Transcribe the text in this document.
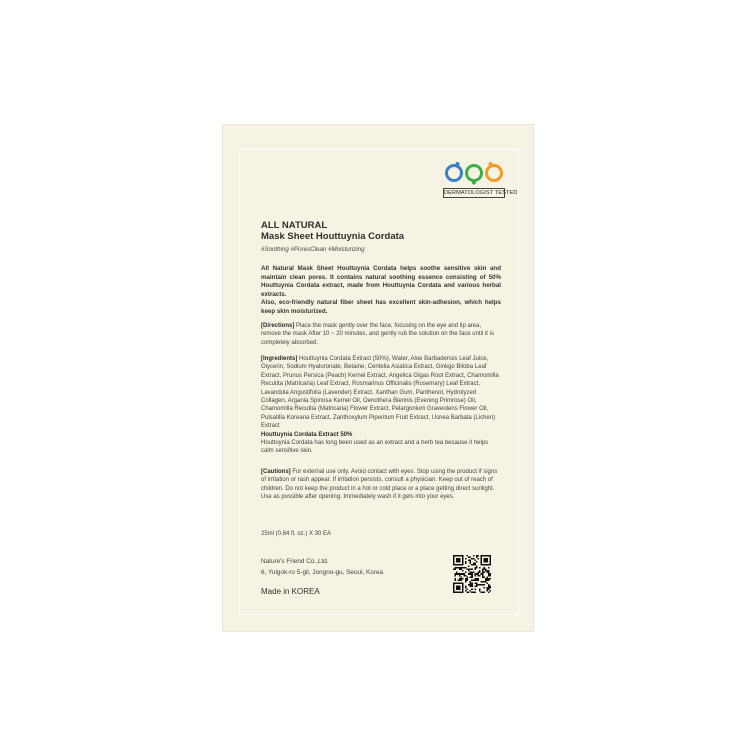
DERMATOLOGIST TESTED
ALL NATURAL
Mask Sheet Houttuynia Cordata
#Soothing #PoresClean #Moisturizing
All Natural Mask Sheet Houttuynia Cordata helps soothe sensitive skin and maintain clean pores. It contains natural soothing essence consisting of 50% Houttuynia Cordata extract, made from Houttuynia Cordata and various herbal extracts.
Also, eco-friendly natural fiber sheet has excellent skin-adhesion, which helps keep skin moisturized.
[Directions] Place the mask gently over the face, focusing on the eye and lip area, remove the mask After 10 ~ 20 minutes, and gently rub the solution on the face until it is completely absorbed.
[Ingredients] Houttuynia Cordata Extract (50%), Water, Aloe Barbadensis Leaf Juice, Glycerin, Sodium Hyaluronate, Betaine, Centella Asiatica Extract, Ginkgo Biloba Leaf Extract, Prunus Persica (Peach) Kernel Extract, Angelica Gigas Root Extract, Chamomilla Recutita (Matricaria) Leaf Extract, Rosmarinus Officinalis (Rosemary) Leaf Extract, Lavandula Angustifolia (Lavender) Extract, Xanthan Gum, Panthenol, Hydrolyzed Collagen, Argania Spinosa Kernel Oil, Oenothera Biennis (Evening Primrose) Oil, Chamomilla Recutita (Matricaria) Flower Extract, Pelargonium Graveolens Flower Oil, Pulsatilla Koreana Extract, Zanthoxylum Piperitum Fruit Extract, Usnea Barbata (Lichen) Extract
Houttuynia Cordata Extract 50%
Houttuynia Cordata has long been used as an extract and a herb tea because it helps calm sensitive skin.
[Cautions] For external use only. Avoid contact with eyes. Stop using the product if signs of irritation or rash appear. If irritation persists, consult a physician. Keep out of reach of children. Do not keep the product in a hot or cold place or a place getting direct sunlight. Use as possible after opening. Immediately wash if it gets into your eyes.
25ml (0.84 fl. oz.) X 30 EA
Nature's Friend Co.,Ltd.
6, Yulgok-ro 5-gil, Jongno-gu, Seoul, Korea
Made in KOREA
